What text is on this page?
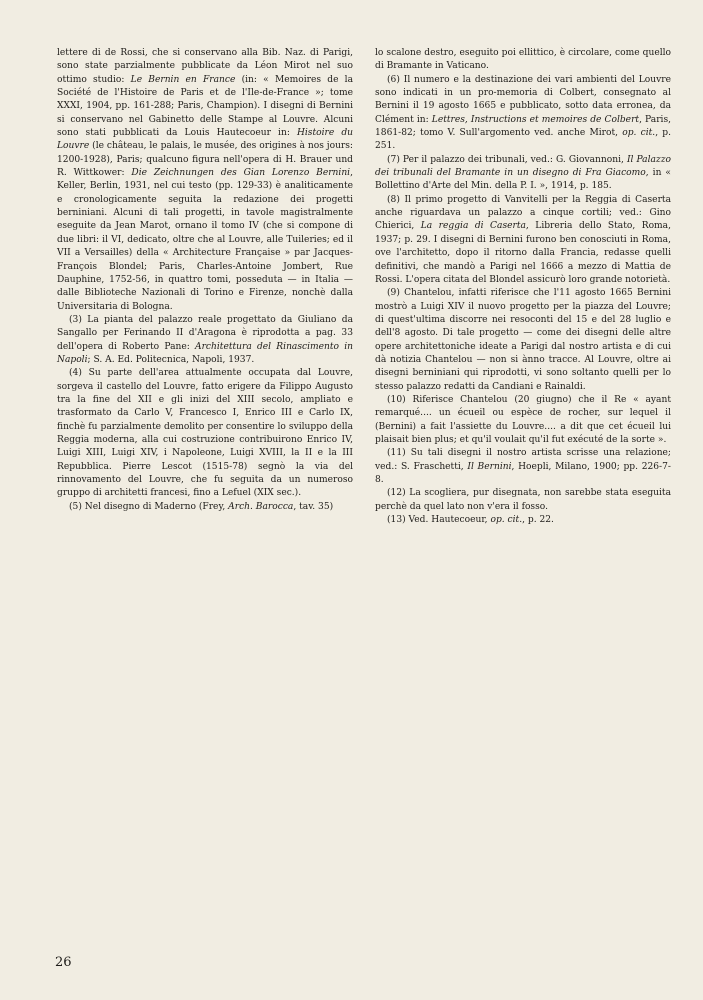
lettere di de Rossi, che si conservano alla Bib. Naz. di Parigi, sono state parzialmente pubblicate da Léon Mirot nel suo ottimo studio: Le Bernin en France (in: « Memoires de la Société de l'Histoire de Paris et de l'Ile-de-France »; tome XXXI, 1904, pp. 161-288; Paris, Champion). I disegni di Bernini si conservano nel Gabinetto delle Stampe al Louvre. Alcuni sono stati pubblicati da Louis Hautecoeur in: Histoire du Louvre (le château, le palais, le musée, des origines à nos jours: 1200-1928), Paris; qualcuno figura nell'opera di H. Brauer und R. Wittkower: Die Zeichnungen des Gian Lorenzo Bernini, Keller, Berlin, 1931, nel cui testo (pp. 129-33) è analiticamente e cronologicamente seguita la redazione dei progetti berniniani. Alcuni di tali progetti, in tavole magistralmente eseguite da Jean Marot, ornano il tomo IV (che si compone di due libri: il VI, dedicato, oltre che al Louvre, alle Tuileries; ed il VII a Versailles) della « Architecture Française » par Jacques-François Blondel; Paris, Charles-Antoine Jombert, Rue Dauphine, 1752-56, in quattro tomi, posseduta — in Italia — dalle Biblioteche Nazionali di Torino e Firenze, nonchè dalla Universitaria di Bologna.

(3) La pianta del palazzo reale progettato da Giuliano da Sangallo per Ferinando II d'Aragona è riprodotta a pag. 33 dell'opera di Roberto Pane: Architettura del Rinascimento in Napoli; S. A. Ed. Politecnica, Napoli, 1937.

(4) Su parte dell'area attualmente occupata dal Louvre, sorgeva il castello del Louvre, fatto erigere da Filippo Augusto tra la fine del XII e gli inizi del XIII secolo, ampliato e trasformato da Carlo V, Francesco I, Enrico III e Carlo IX, finchè fu parzialmente demolito per consentire lo sviluppo della Reggia moderna, alla cui costruzione contribuirono Enrico IV, Luigi XIII, Luigi XIV, i Napoleone, Luigi XVIII, la II e la III Repubblica. Pierre Lescot (1515-78) segnò la via del rinnovamento del Louvre, che fu seguita da un numeroso gruppo di architetti francesi, fino a Lefuel (XIX sec.).

(5) Nel disegno di Maderno (Frey, Arch. Barocca, tav. 35)

lo scalone destro, eseguito poi ellittico, è circolare, come quello di Bramante in Vaticano.

(6) Il numero e la destinazione dei vari ambienti del Louvre sono indicati in un pro-memoria di Colbert, consegnato al Bernini il 19 agosto 1665 e pubblicato, sotto data erronea, da Clément in: Lettres, Instructions et memoires de Colbert, Paris, 1861-82; tomo V. Sull'argomento ved. anche Mirot, op. cit., p. 251.

(7) Per il palazzo dei tribunali, ved.: G. Giovannoni, Il Palazzo dei tribunali del Bramante in un disegno di Fra Giacomo, in « Bollettino d'Arte del Min. della P. I. », 1914, p. 185.

(8) Il primo progetto di Vanvitelli per la Reggia di Caserta anche riguardava un palazzo a cinque cortili; ved.: Gino Chierici, La reggia di Caserta, Libreria dello Stato, Roma, 1937; p. 29. I disegni di Bernini furono ben conosciuti in Roma, ove l'architetto, dopo il ritorno dalla Francia, redasse quelli definitivi, che mandò a Parigi nel 1666 a mezzo di Mattia de Rossi. L'opera citata del Blondel assicurò loro grande notorietà.

(9) Chantelou, infatti riferisce che l'11 agosto 1665 Bernini mostrò a Luigi XIV il nuovo progetto per la piazza del Louvre; di quest'ultima discorre nei resoconti del 15 e del 28 luglio e dell'8 agosto. Di tale progetto — come dei disegni delle altre opere architettoniche ideate a Parigi dal nostro artista e di cui dà notizia Chantelou — non si ànno tracce. Al Louvre, oltre ai disegni berniniani qui riprodotti, vi sono soltanto quelli per lo stesso palazzo redatti da Candiani e Rainaldi.

(10) Riferisce Chantelou (20 giugno) che il Re « ayant remarqué.... un écueil ou espèce de rocher, sur lequel il (Bernini) a fait l'assiette du Louvre.... a dit que cet écueil lui plaisait bien plus; et qu'il voulait qu'il fut exécuté de la sorte ».

(11) Su tali disegni il nostro artista scrisse una relazione; ved.: S. Fraschetti, Il Bernini, Hoepli, Milano, 1900; pp. 226-7-8.

(12) La scogliera, pur disegnata, non sarebbe stata eseguita perchè da quel lato non v'era il fosso.

(13) Ved. Hautecoeur, op. cit., p. 22.

26
